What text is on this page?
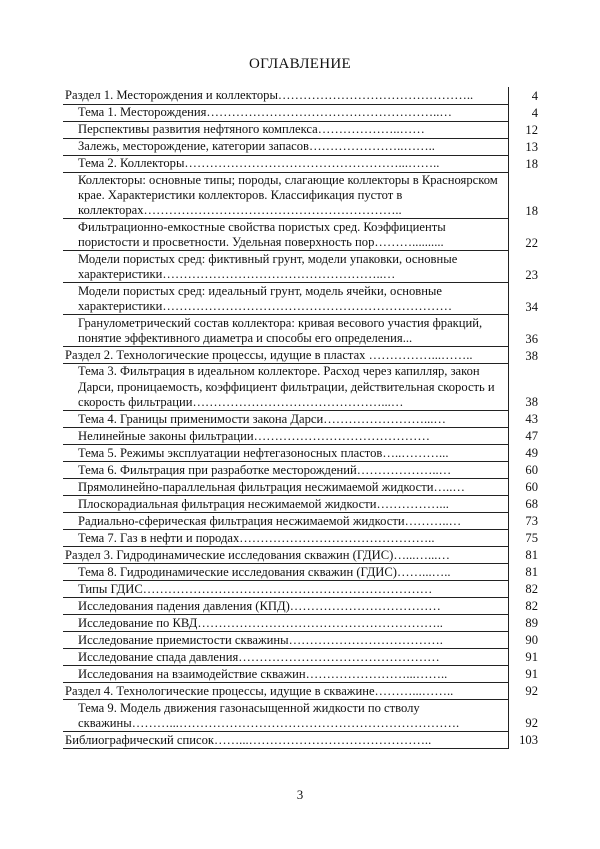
ОГЛАВЛЕНИЕ
Раздел 1. Месторождения и коллекторы………………………………………..	4
Тема 1. Месторождения………………………………………………..…	4
Перспективы развития нефтяного комплекса………………..……	12
Залежь, месторождение, категории запасов…………………..……..	13
Тема 2. Коллекторы……………………………………………...……..	18
Коллекторы: основные типы; породы, слагающие коллекторы в Красноярском крае. Характеристики коллекторов. Классификация пустот в коллекторах……………………………………………………..	18
Фильтрационно-емкостные свойства пористых сред. Коэффициенты пористости и просветности. Удельная поверхность пор………..........	22
Модели пористых сред: фиктивный грунт, модели упаковки, основные характеристики……………………………………………..…	23
Модели пористых сред: идеальный грунт, модель ячейки, основные характеристики……………………………………………………………	34
Гранулометрический состав коллектора: кривая весового участия фракций, понятие эффективного диаметра и способы его определения...	36
Раздел 2. Технологические процессы, идущие в пластах ……………...……..	38
Тема 3. Фильтрация в идеальном коллекторе. Расход через капилляр, закон Дарси, проницаемость, коэффициент фильтрации, действительная скорость и скорость фильтрации………………………………………...…	38
Тема 4. Границы применимости закона Дарси……………………...…	43
Нелинейные законы фильтрации……………………………………	47
Тема 5. Режимы эксплуатации нефтегазоносных пластов…..………...	49
Тема 6. Фильтрация при разработке месторождений………………..…	60
Прямолинейно-параллельная фильтрация несжимаемой жидкости…..…	60
Плоскорадиальная фильтрация несжимаемой жидкости……………...	68
Радиально-сферическая фильтрация несжимаемой жидкости………..…	73
Тема 7. Газ в нефти и породах………………………………………..	75
Раздел 3. Гидродинамические исследования скважин (ГДИС)…...…...…	81
Тема 8. Гидродинамические исследования скважин (ГДИС)……...…..	81
Типы ГДИС……………………………………………………………	82
Исследования падения давления (КПД)………………………………	82
Исследование по КВД…………………………………………………..	89
Исследование приемистости скважины……………………………….	90
Исследование спада давления…………………………………………	91
Исследования на взаимодействие скважин……………………...……..	91
Раздел 4. Технологические процессы, идущие в скважине………...……..	92
Тема 9. Модель движения газонасыщенной жидкости по стволу скважины………...………………………………………………………….	92
Библиографический список……...……………………………………..	103
3
